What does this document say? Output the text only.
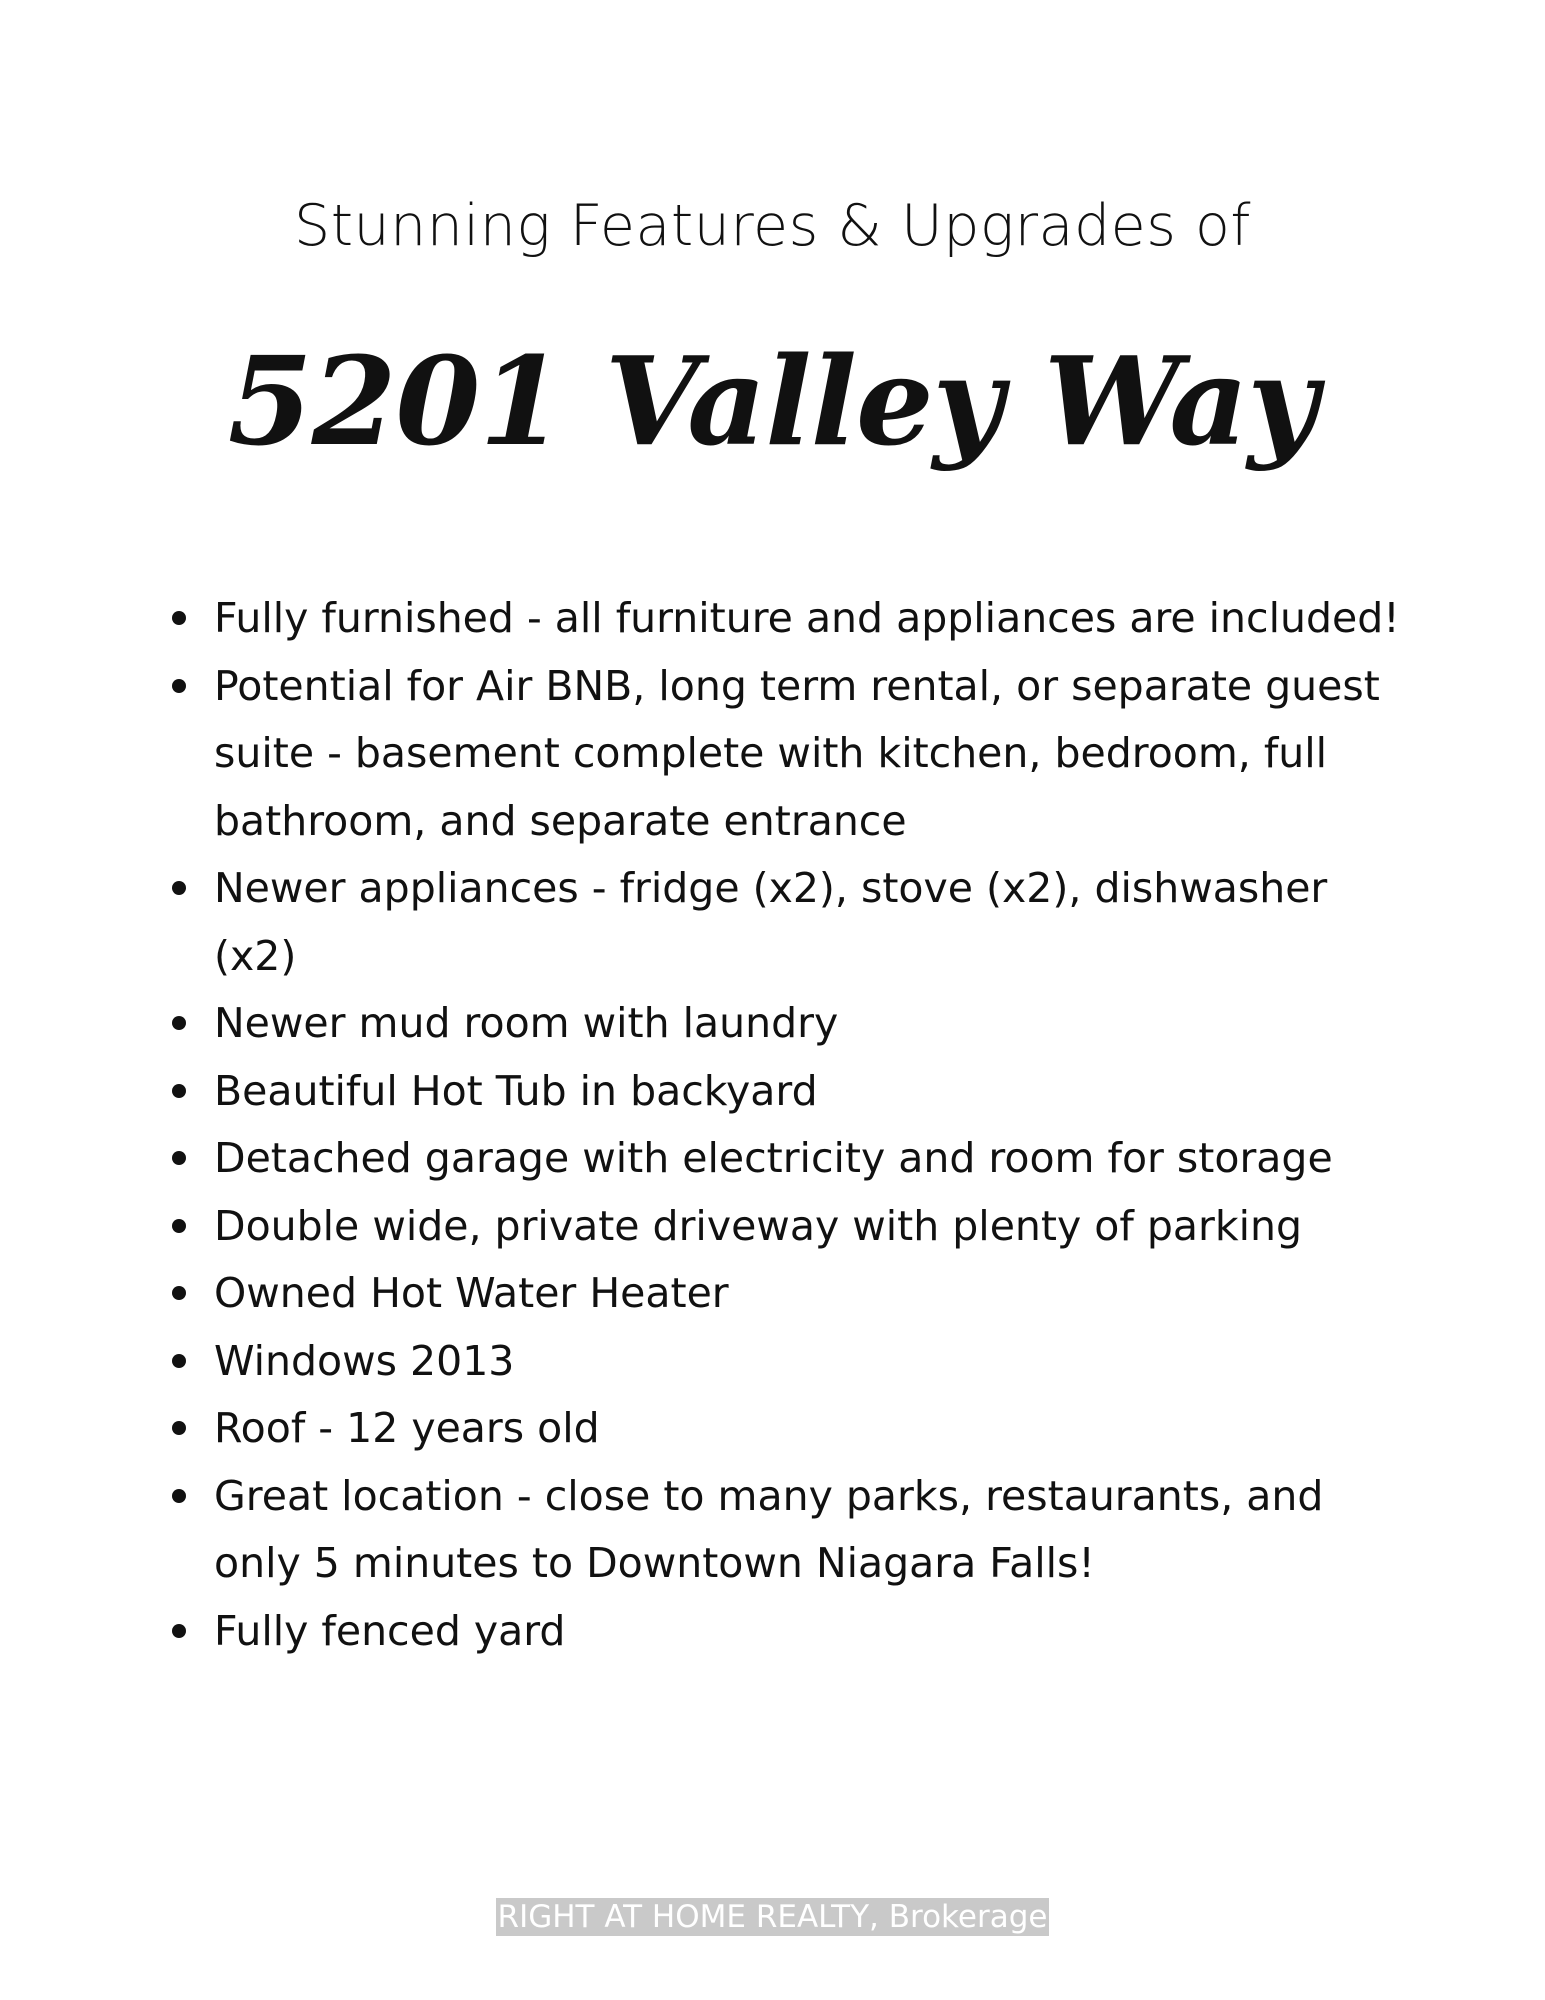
Stunning Features & Upgrades of
5201 Valley Way
Fully furnished - all furniture and appliances are included!
Potential for Air BNB, long term rental, or separate guest suite - basement complete with kitchen, bedroom, full bathroom, and separate entrance
Newer appliances - fridge (x2), stove (x2), dishwasher (x2)
Newer mud room with laundry
Beautiful Hot Tub in backyard
Detached garage with electricity and room for storage
Double wide, private driveway with plenty of parking
Owned Hot Water Heater
Windows 2013
Roof - 12 years old
Great location - close to many parks, restaurants, and only 5 minutes to Downtown Niagara Falls!
Fully fenced yard
RIGHT AT HOME REALTY, Brokerage
